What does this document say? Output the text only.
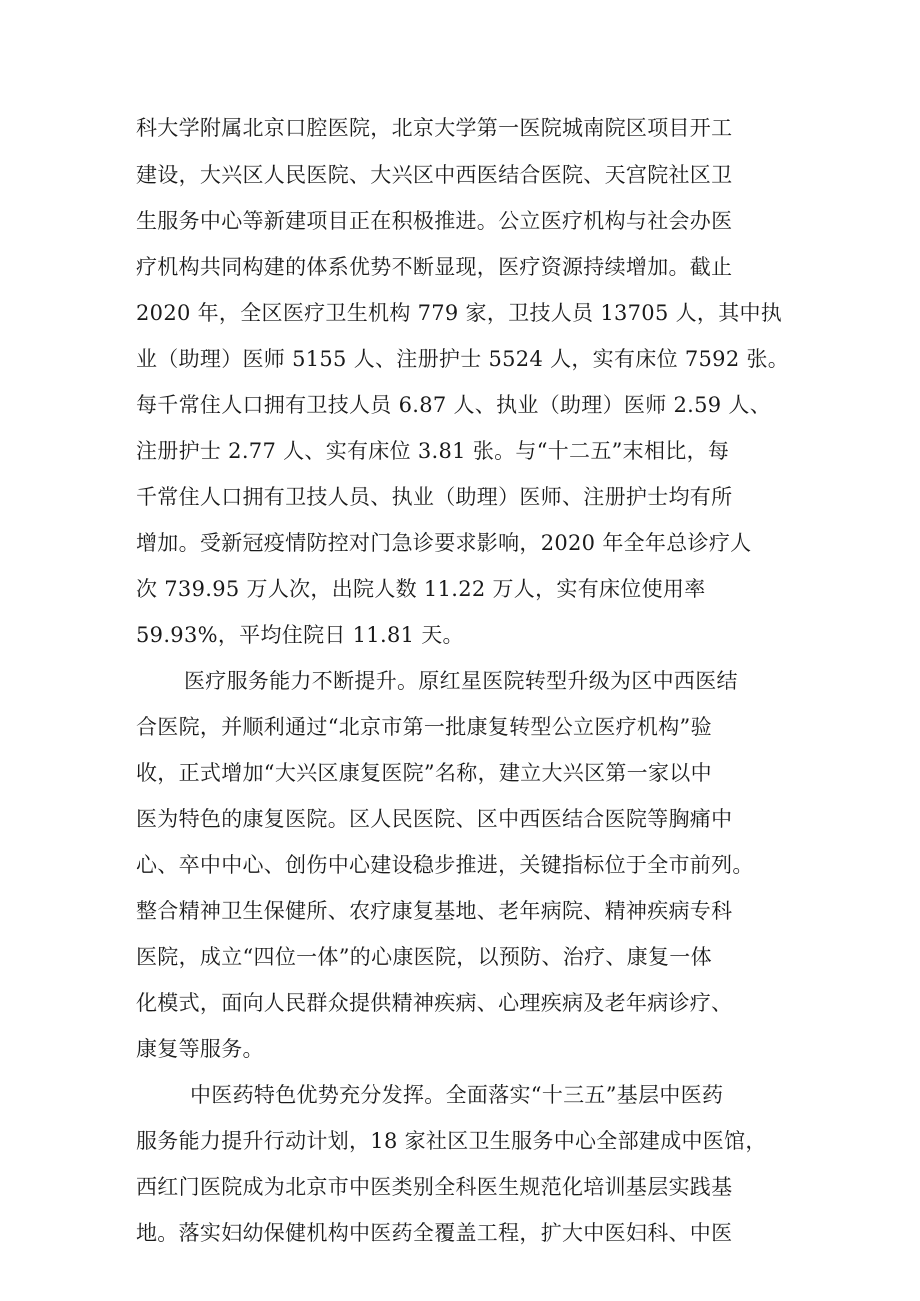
科大学附属北京口腔医院，北京大学第一医院城南院区项目开工
建设，大兴区人民医院、大兴区中西医结合医院、天宫院社区卫
生服务中心等新建项目正在积极推进。公立医疗机构与社会办医
疗机构共同构建的体系优势不断显现，医疗资源持续增加。截止
2020 年，全区医疗卫生机构 779 家，卫技人员 13705 人，其中执
业（助理）医师 5155 人、注册护士 5524 人，实有床位 7592 张。
每千常住人口拥有卫技人员 6.87 人、执业（助理）医师 2.59 人、
注册护士 2.77 人、实有床位 3.81 张。与“十二五”末相比，每
千常住人口拥有卫技人员、执业（助理）医师、注册护士均有所
增加。受新冠疫情防控对门急诊要求影响，2020 年全年总诊疗人
次 739.95 万人次，出院人数 11.22 万人，实有床位使用率
59.93%，平均住院日 11.81 天。
医疗服务能力不断提升。原红星医院转型升级为区中西医结
合医院，并顺利通过“北京市第一批康复转型公立医疗机构”验
收，正式增加“大兴区康复医院”名称，建立大兴区第一家以中
医为特色的康复医院。区人民医院、区中西医结合医院等胸痛中
心、卒中中心、创伤中心建设稳步推进，关键指标位于全市前列。
整合精神卫生保健所、农疗康复基地、老年病院、精神疾病专科
医院，成立“四位一体”的心康医院，以预防、治疗、康复一体
化模式，面向人民群众提供精神疾病、心理疾病及老年病诊疗、
康复等服务。
中医药特色优势充分发挥。全面落实“十三五”基层中医药
服务能力提升行动计划，18 家社区卫生服务中心全部建成中医馆，
西红门医院成为北京市中医类别全科医生规范化培训基层实践基
地。落实妇幼保健机构中医药全覆盖工程，扩大中医妇科、中医
